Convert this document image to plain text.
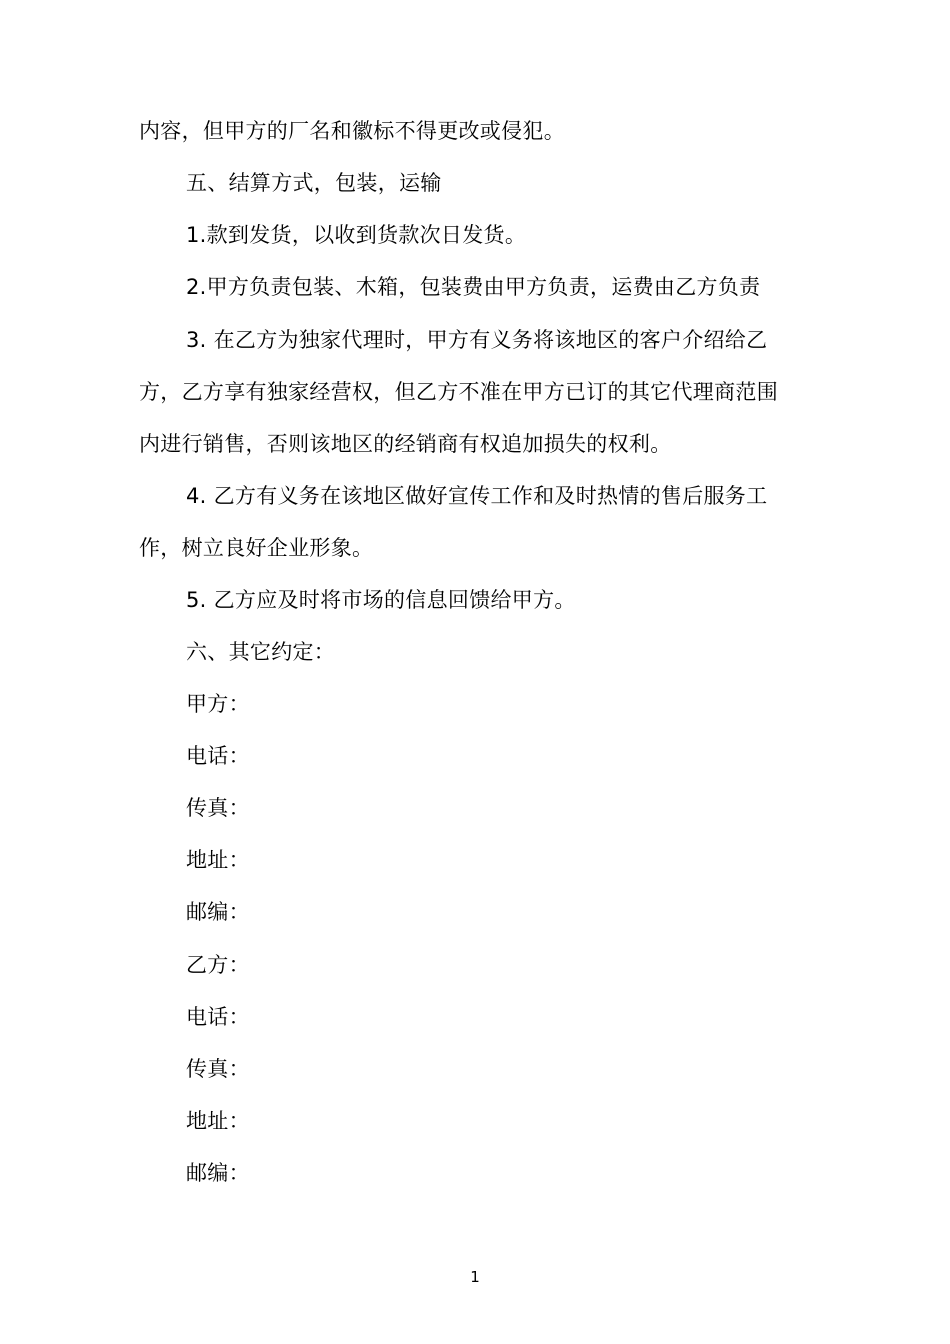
内容，但甲方的厂名和徽标不得更改或侵犯。
五、结算方式，包装，运输
1.款到发货，以收到货款次日发货。
2.甲方负责包装、木箱，包装费由甲方负责，运费由乙方负责
3. 在乙方为独家代理时，甲方有义务将该地区的客户介绍给乙
方，乙方享有独家经营权，但乙方不准在甲方已订的其它代理商范围
内进行销售，否则该地区的经销商有权追加损失的权利。
4. 乙方有义务在该地区做好宣传工作和及时热情的售后服务工
作，树立良好企业形象。
5. 乙方应及时将市场的信息回馈给甲方。
六、其它约定：
甲方：
电话：
传真：
地址：
邮编：
乙方：
电话：
传真：
地址：
邮编：
1
